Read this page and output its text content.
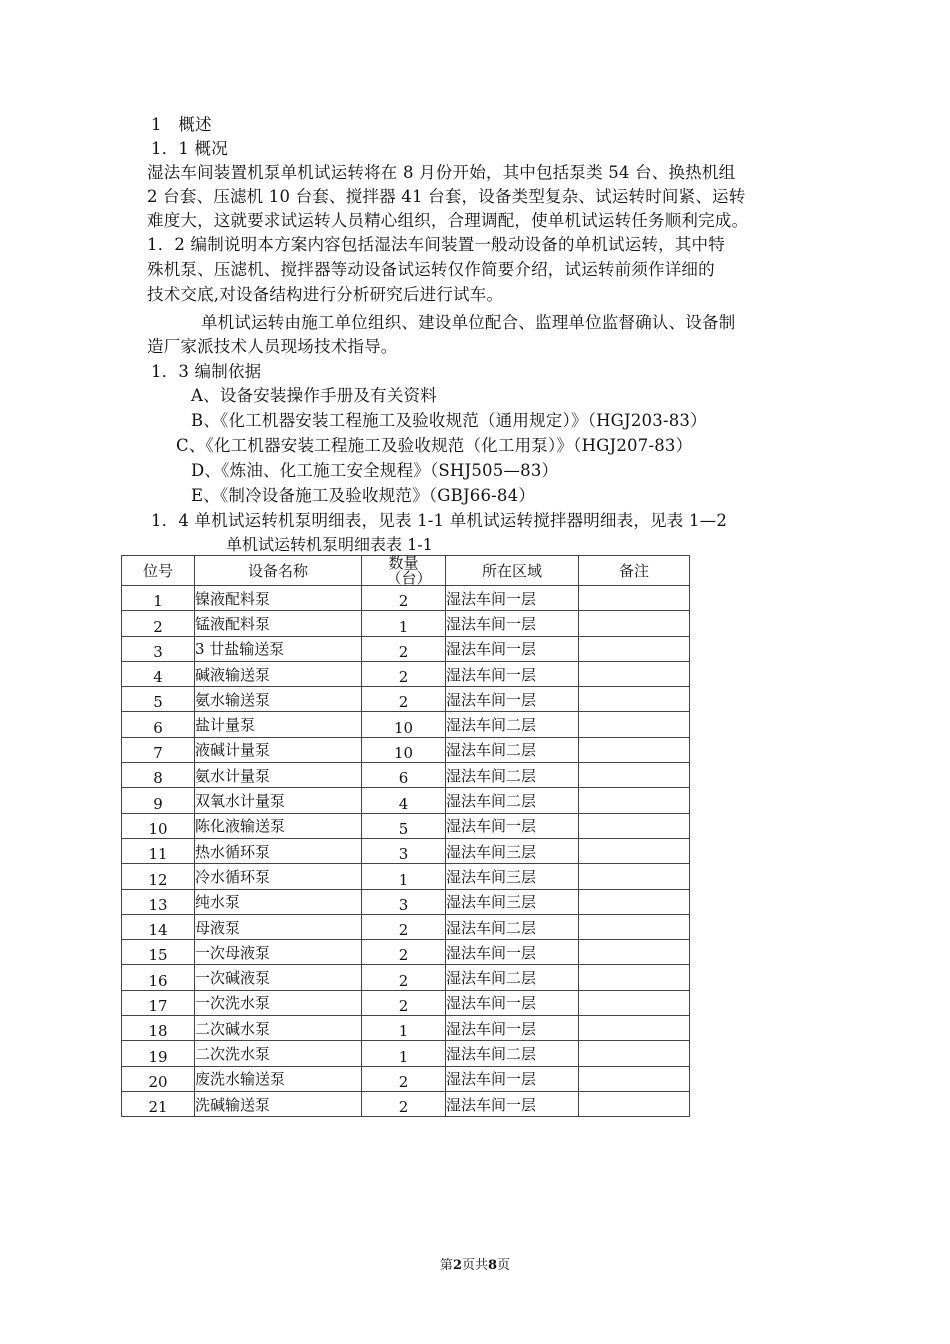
1　概述
1．1 概况
湿法车间装置机泵单机试运转将在 8 月份开始，其中包括泵类 54 台、换热机组
2 台套、压滤机 10 台套、搅拌器 41 台套，设备类型复杂、试运转时间紧、运转
难度大，这就要求试运转人员精心组织，合理调配，使单机试运转任务顺利完成。
1．2 编制说明本方案内容包括湿法车间装置一般动设备的单机试运转，其中特
殊机泵、压滤机、搅拌器等动设备试运转仅作简要介绍，试运转前须作详细的
技术交底,对设备结构进行分析研究后进行试车。
单机试运转由施工单位组织、建设单位配合、监理单位监督确认、设备制
造厂家派技术人员现场技术指导。
1．3 编制依据
A、设备安装操作手册及有关资料
B、《化工机器安装工程施工及验收规范（通用规定）》（HGJ203-83）
C、《化工机器安装工程施工及验收规范（化工用泵）》（HGJ207-83）
D、《炼油、化工施工安全规程》（SHJ505—83）
E、《制冷设备施工及验收规范》（GBJ66-84）
1．4 单机试运转机泵明细表，见表 1-1 单机试运转搅拌器明细表，见表 1—2
单机试运转机泵明细表表 1-1
位号	设备名称	数量（台）	所在区域	备注
1	镍液配料泵	2	湿法车间一层	
2	锰液配料泵	1	湿法车间一层	
3	3 廿盐输送泵	2	湿法车间一层	
4	碱液输送泵	2	湿法车间一层	
5	氨水输送泵	2	湿法车间一层	
6	盐计量泵	10	湿法车间二层	
7	液碱计量泵	10	湿法车间二层	
8	氨水计量泵	6	湿法车间二层	
9	双氧水计量泵	4	湿法车间二层	
10	陈化液输送泵	5	湿法车间一层	
11	热水循环泵	3	湿法车间三层	
12	冷水循环泵	1	湿法车间三层	
13	纯水泵	3	湿法车间三层	
14	母液泵	2	湿法车间二层	
15	一次母液泵	2	湿法车间一层	
16	一次碱液泵	2	湿法车间二层	
17	一次洗水泵	2	湿法车间一层	
18	二次碱水泵	1	湿法车间一层	
19	二次洗水泵	1	湿法车间二层	
20	废洗水输送泵	2	湿法车间一层	
21	洗碱输送泵	2	湿法车间一层	
第2页共8页
